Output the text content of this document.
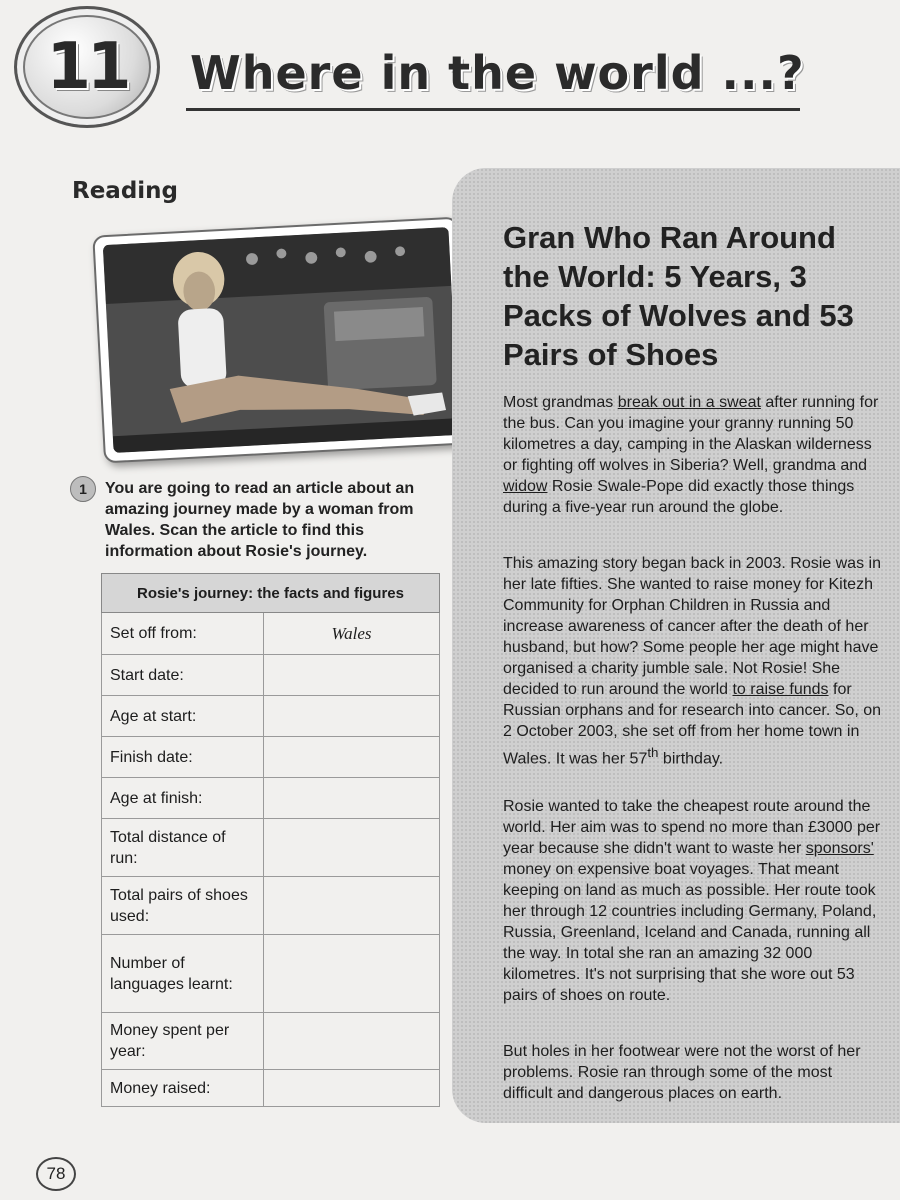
11 Where in the world ...?
Reading
1 You are going to read an article about an amazing journey made by a woman from Wales. Scan the article to find this information about Rosie's journey.
Rosie's journey: the facts and figures	
Set off from:	Wales
Start date:	
Age at start:	
Finish date:	
Age at finish:	
Total distance of run:	
Total pairs of shoes used:	
Number of languages learnt:	
Money spent per year:	
Money raised:	
Gran Who Ran Around the World: 5 Years, 3 Packs of Wolves and 53 Pairs of Shoes
Most grandmas break out in a sweat after running for the bus. Can you imagine your granny running 50 kilometres a day, camping in the Alaskan wilderness or fighting off wolves in Siberia? Well, grandma and widow Rosie Swale-Pope did exactly those things during a five-year run around the globe.
This amazing story began back in 2003. Rosie was in her late fifties. She wanted to raise money for Kitezh Community for Orphan Children in Russia and increase awareness of cancer after the death of her husband, but how? Some people her age might have organised a charity jumble sale. Not Rosie! She decided to run around the world to raise funds for Russian orphans and for research into cancer. So, on 2 October 2003, she set off from her home town in Wales. It was her 57th birthday.
Rosie wanted to take the cheapest route around the world. Her aim was to spend no more than £3000 per year because she didn't want to waste her sponsors' money on expensive boat voyages. That meant keeping on land as much as possible. Her route took her through 12 countries including Germany, Poland, Russia, Greenland, Iceland and Canada, running all the way. In total she ran an amazing 32 000 kilometres. It's not surprising that she wore out 53 pairs of shoes on route.
But holes in her footwear were not the worst of her problems. Rosie ran through some of the most difficult and dangerous places on earth.
78
